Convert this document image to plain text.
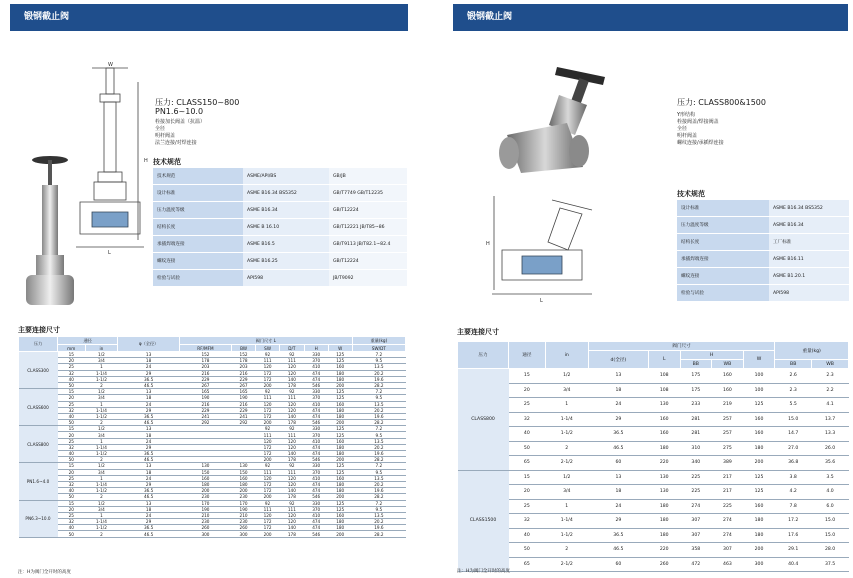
锻钢截止阀
H
L
W
压力: CLASS150~800
PN1.6~10.0
栓接加长阀盖（抗温）
全径
明杆阀盖
法兰连接/对焊连接
技术规范
技术规范	ASME/API/BS	GB/JB
设计标准	ASME B16.34 BS5352	GB/T7749 GB/T12235
压力温度等级	ASME B16.34	GB/T12224
结构长度	ASME B 16.10	GB/T12221 JB/T85~86
承插焊端连接	ASME B16.5	GB/T9113 JB/T82.1~82.4
螺纹连接	ASME B16.25	GB/T12224
检验与试验	API598	JB/T9092
主要连接尺寸
压力	通径		φ（全径）	阀门尺寸 L						重量(kg)
	mm	in		RF/MFM	BW	SW	D/T	H	W	SW/DT
CLASS300	15	1/2	13	152	152	92	92	330	125	7.2
	20	3/4	18	178	178	111	111	370	125	9.5
	25	1	24	203	203	120	120	410	160	13.5
	32	1-1/4	29	216	216	172	120	474	180	20.2
	40	1-1/2	36.5	229	229	172	140	474	180	19.6
	50	2	46.5	267	267	200	178	546	200	28.2
CLASS600	15	1/2	13	165	165	92	92	330	125	7.2
	20	3/4	18	190	190	111	111	370	125	9.5
	25	1	24	216	216	120	120	410	160	13.5
	32	1-1/4	29	229	229	172	120	474	180	20.2
	40	1-1/2	36.5	241	241	172	140	474	180	19.6
	50	2	46.5	292	292	200	178	546	200	28.2
CLASS800	15	1/2	13			92	92	330	125	7.2
	20	3/4	18			111	111	370	125	9.5
	25	1	24			120	120	410	160	13.5
	32	1-1/4	29			172	120	474	180	20.2
	40	1-1/2	36.5			172	140	474	180	19.6
	50	2	46.5			200	178	546	200	28.2
PN1.6~4.0	15	1/2	13	130	130	92	92	330	125	7.2
	20	3/4	18	150	150	111	111	370	125	9.5
	25	1	24	160	160	120	120	410	160	13.5
	32	1-1/4	29	180	180	172	120	474	180	20.2
	40	1-1/2	36.5	200	200	172	140	474	180	19.6
	50	2	46.5	230	230	200	178	546	200	28.2
PN6.3~10.0	15	1/2	13	170	170	92	92	330	125	7.2
	20	3/4	18	190	190	111	111	370	125	9.5
	25	1	24	210	210	120	120	410	160	13.5
	32	1-1/4	29	230	230	172	120	474	180	20.2
	40	1-1/2	36.5	260	260	172	140	474	180	19.6
	50	2	46.5	300	300	200	178	546	200	28.2
注：H为阀门全开时的高度
锻钢截止阀
H
L
压力: CLASS800&1500
Y形结构
栓接阀盖/焊接阀盖
全径
明杆阀盖
螺纹连接/承插焊连接
技术规范
设计标准	ASME B16.34 BS5352
压力温度等级	ASME B16.34
结构长度	工厂标准
承插焊端连接	ASME B16.11
螺纹连接	ASME B1.20.1
检验与试验	API598
主要连接尺寸
压力	通径	in	阀门尺寸					重量(kg)	
			d(全径)	L	H		W		
					BB	WB		BB	WB
CLASS800	15	1/2	13	108	175	160	100	2.6	2.3
	20	3/4	18	108	175	160	100	2.3	2.2
	25	1	24	130	233	219	125	5.5	4.1
	32	1-1/4	29	160	281	257	160	15.0	13.7
	40	1-1/2	36.5	160	281	257	160	14.7	13.3
	50	2	46.5	180	310	275	180	27.0	26.0
	65	2-1/2	60	220	340	389	200	36.8	35.6
CLASS1500	15	1/2	13	130	225	217	125	3.8	3.5
	20	3/4	18	130	225	217	125	4.2	4.0
	25	1	24	180	274	225	160	7.8	6.0
	32	1-1/4	29	180	307	274	180	17.2	15.0
	40	1-1/2	36.5	180	307	274	180	17.6	15.0
	50	2	46.5	220	358	307	200	29.1	28.0
	65	2-1/2	60	260	472	463	300	40.4	37.5
注：H为阀门全开时的高度
